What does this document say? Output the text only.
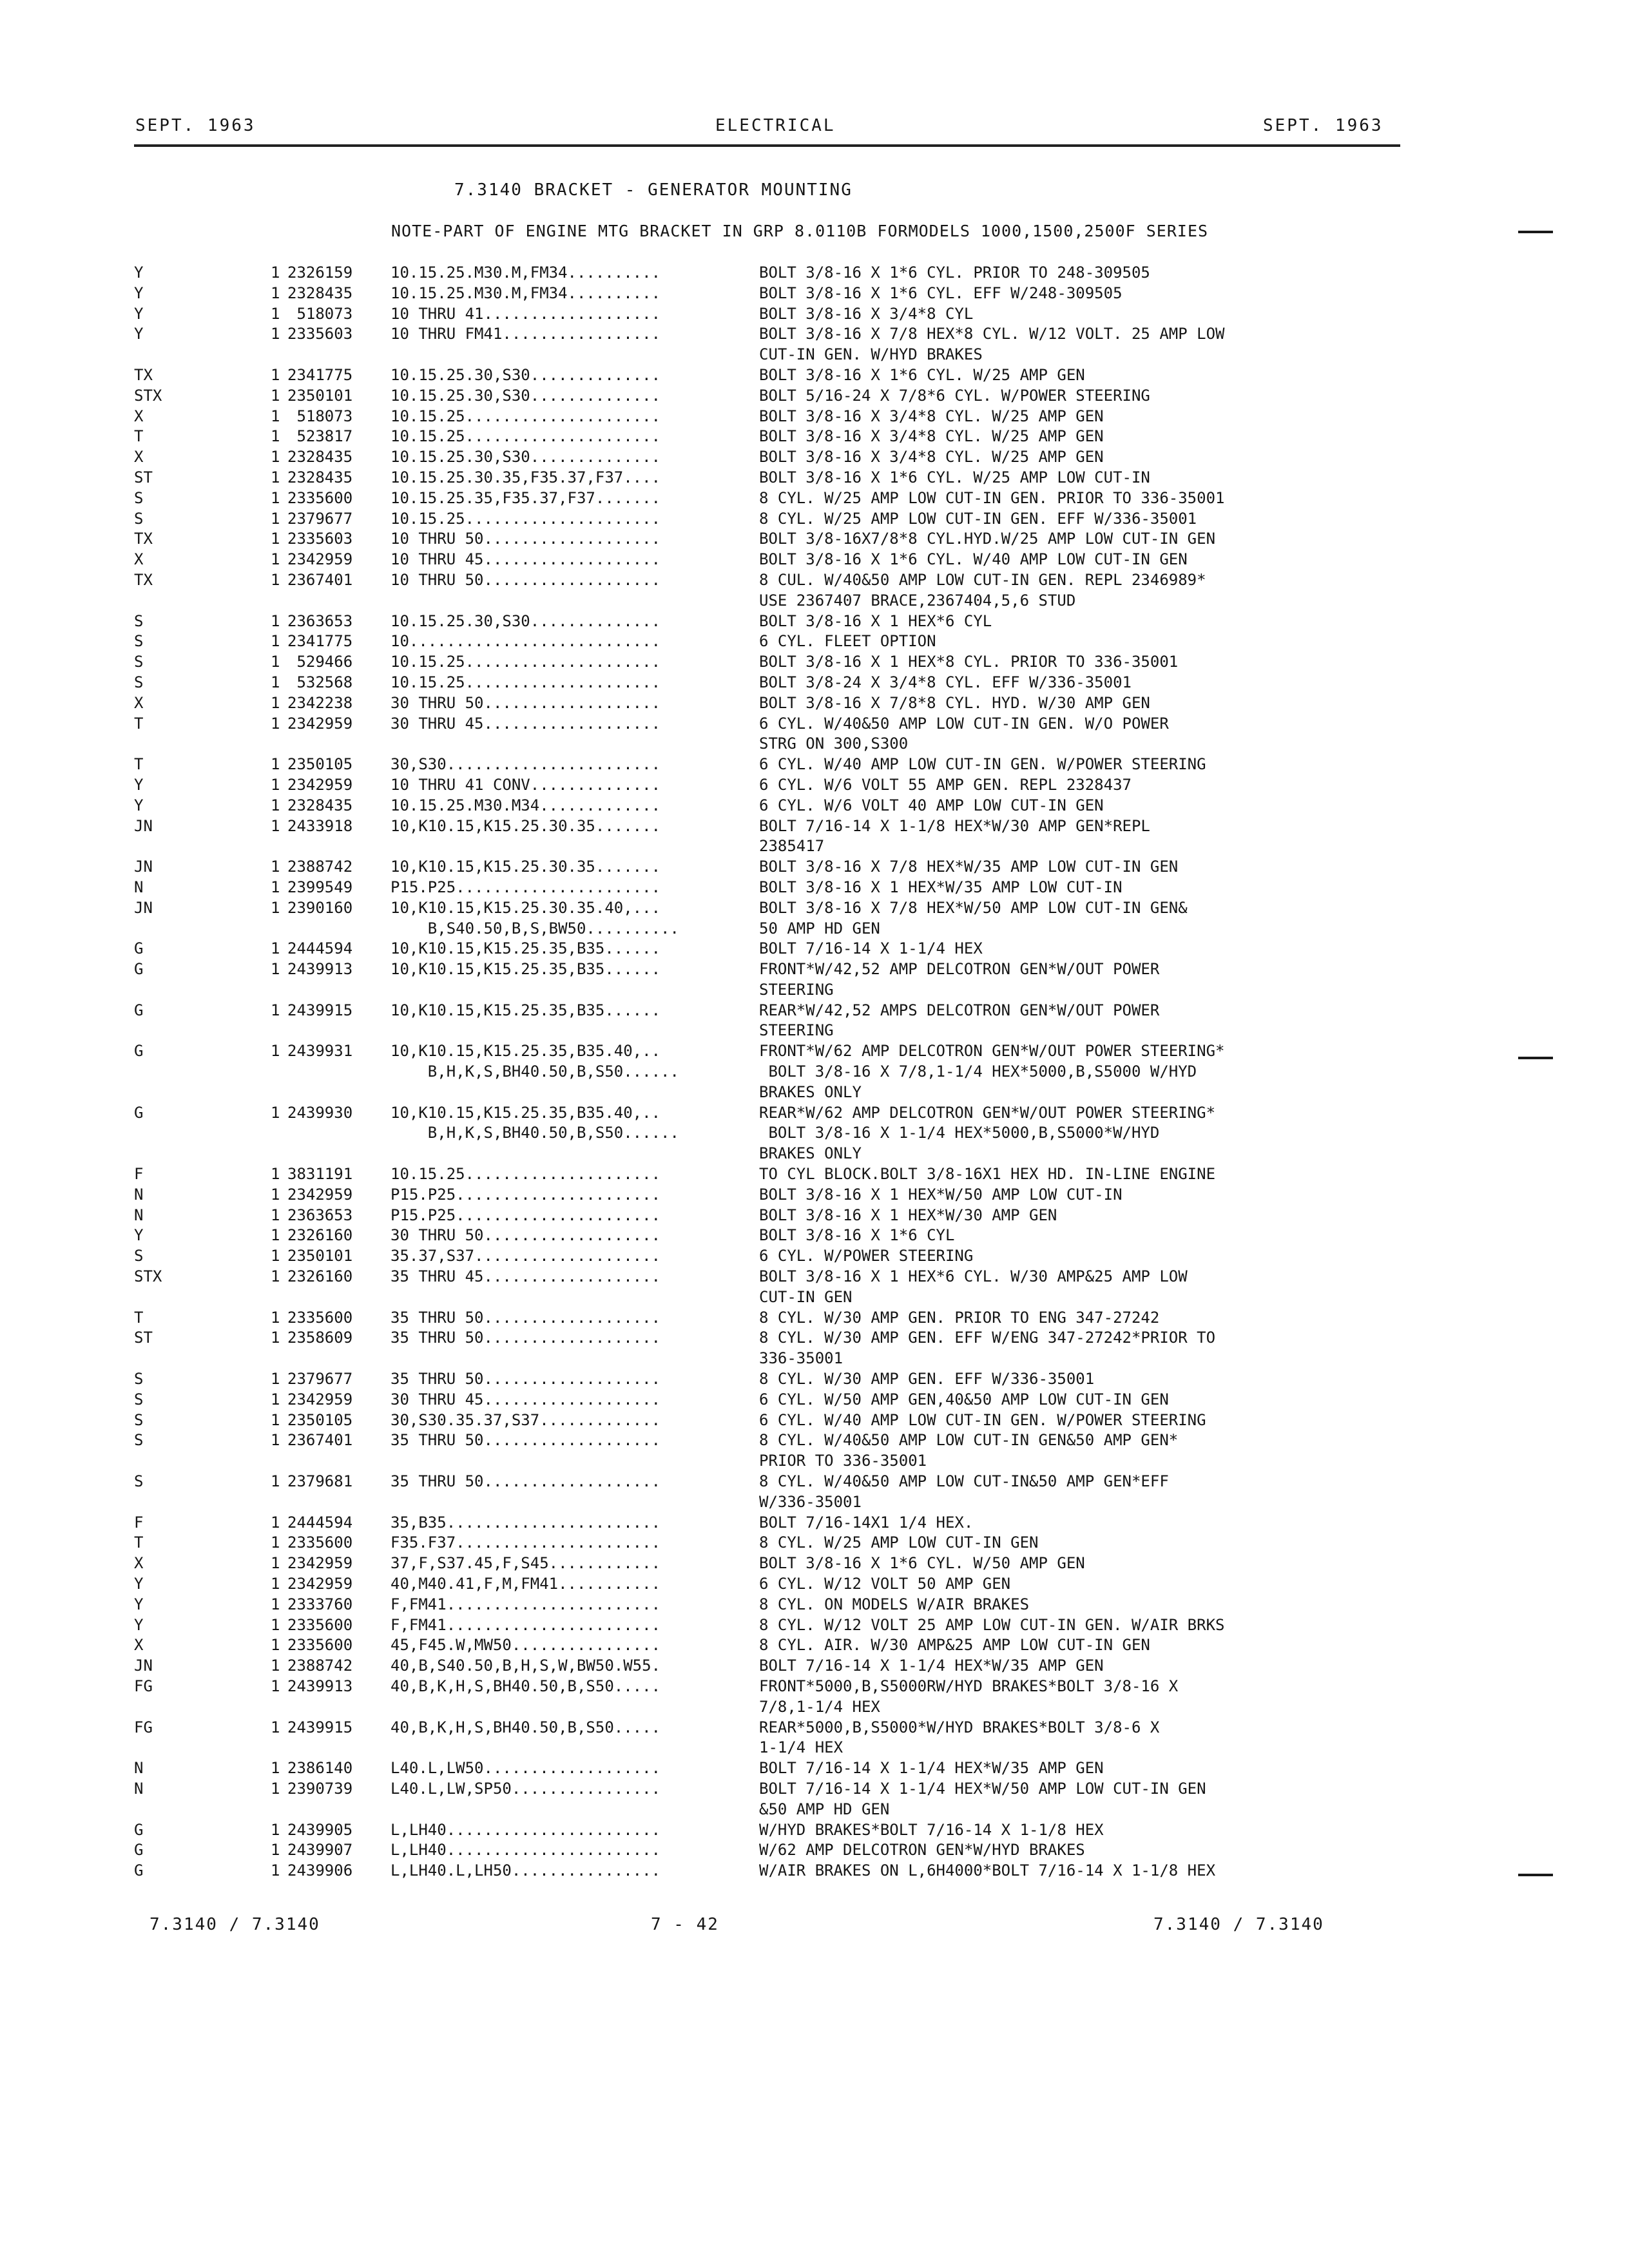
SEPT. 1963	ELECTRICAL	SEPT. 1963
7.3140 BRACKET - GENERATOR MOUNTING
NOTE-PART OF ENGINE MTG BRACKET IN GRP 8.0110B FORMODELS 1000,1500,2500F SERIES
Y	1 2326159 10.15.25.M30.M,FM34..........	BOLT 3/8-16 X 1*6 CYL. PRIOR TO 248-309505
Y	1 2328435 10.15.25.M30.M,FM34..........	BOLT 3/8-16 X 1*6 CYL. EFF W/248-309505
Y	1 518073 10 THRU 41...................	BOLT 3/8-16 X 3/4*8 CYL
Y	1 2335603 10 THRU FM41.................	BOLT 3/8-16 X 7/8 HEX*8 CYL. W/12 VOLT. 25 AMP LOW
CUT-IN GEN. W/HYD BRAKES
TX	1 2341775 10.15.25.30,S30..............	BOLT 3/8-16 X 1*6 CYL. W/25 AMP GEN
STX	1 2350101 10.15.25.30,S30..............	BOLT 5/16-24 X 7/8*6 CYL. W/POWER STEERING
X	1 518073 10.15.25.....................	BOLT 3/8-16 X 3/4*8 CYL. W/25 AMP GEN
T	1 523817 10.15.25.....................	BOLT 3/8-16 X 3/4*8 CYL. W/25 AMP GEN
X	1 2328435 10.15.25.30,S30..............	BOLT 3/8-16 X 3/4*8 CYL. W/25 AMP GEN
ST	1 2328435 10.15.25.30.35,F35.37,F37....	BOLT 3/8-16 X 1*6 CYL. W/25 AMP LOW CUT-IN
S	1 2335600 10.15.25.35,F35.37,F37.......	8 CYL. W/25 AMP LOW CUT-IN GEN. PRIOR TO 336-35001
S	1 2379677 10.15.25.....................	8 CYL. W/25 AMP LOW CUT-IN GEN. EFF W/336-35001
TX	1 2335603 10 THRU 50...................	BOLT 3/8-16X7/8*8 CYL.HYD.W/25 AMP LOW CUT-IN GEN
X	1 2342959 10 THRU 45...................	BOLT 3/8-16 X 1*6 CYL. W/40 AMP LOW CUT-IN GEN
TX	1 2367401 10 THRU 50...................	8 CUL. W/40&50 AMP LOW CUT-IN GEN. REPL 2346989*
USE 2367407 BRACE,2367404,5,6 STUD
S	1 2363653 10.15.25.30,S30..............	BOLT 3/8-16 X 1 HEX*6 CYL
S	1 2341775 10...........................	6 CYL. FLEET OPTION
S	1 529466 10.15.25.....................	BOLT 3/8-16 X 1 HEX*8 CYL. PRIOR TO 336-35001
S	1 532568 10.15.25.....................	BOLT 3/8-24 X 3/4*8 CYL. EFF W/336-35001
X	1 2342238 30 THRU 50...................	BOLT 3/8-16 X 7/8*8 CYL. HYD. W/30 AMP GEN
T	1 2342959 30 THRU 45...................	6 CYL. W/40&50 AMP LOW CUT-IN GEN. W/O POWER
STRG ON 300,S300
T	1 2350105 30,S30.......................	6 CYL. W/40 AMP LOW CUT-IN GEN. W/POWER STEERING
Y	1 2342959 10 THRU 41 CONV..............	6 CYL. W/6 VOLT 55 AMP GEN. REPL 2328437
Y	1 2328435 10.15.25.M30.M34.............	6 CYL. W/6 VOLT 40 AMP LOW CUT-IN GEN
JN	1 2433918 10,K10.15,K15.25.30.35.......	BOLT 7/16-14 X 1-1/8 HEX*W/30 AMP GEN*REPL
2385417
JN	1 2388742 10,K10.15,K15.25.30.35.......	BOLT 3/8-16 X 7/8 HEX*W/35 AMP LOW CUT-IN GEN
N	1 2399549 P15.P25......................	BOLT 3/8-16 X 1 HEX*W/35 AMP LOW CUT-IN
JN	1 2390160 10,K10.15,K15.25.30.35.40,...	BOLT 3/8-16 X 7/8 HEX*W/50 AMP LOW CUT-IN GEN&
B,S40.50,B,S,BW50..........	50 AMP HD GEN
G	1 2444594 10,K10.15,K15.25.35,B35......	BOLT 7/16-14 X 1-1/4 HEX
G	1 2439913 10,K10.15,K15.25.35,B35......	FRONT*W/42,52 AMP DELCOTRON GEN*W/OUT POWER
STEERING
G	1 2439915 10,K10.15,K15.25.35,B35......	REAR*W/42,52 AMPS DELCOTRON GEN*W/OUT POWER
STEERING
G	1 2439931 10,K10.15,K15.25.35,B35.40,..	FRONT*W/62 AMP DELCOTRON GEN*W/OUT POWER STEERING*
B,H,K,S,BH40.50,B,S50......	BOLT 3/8-16 X 7/8,1-1/4 HEX*5000,B,S5000 W/HYD
BRAKES ONLY
G	1 2439930 10,K10.15,K15.25.35,B35.40,..	REAR*W/62 AMP DELCOTRON GEN*W/OUT POWER STEERING*
B,H,K,S,BH40.50,B,S50......	BOLT 3/8-16 X 1-1/4 HEX*5000,B,S5000*W/HYD
BRAKES ONLY
F	1 3831191 10.15.25.....................	TO CYL BLOCK.BOLT 3/8-16X1 HEX HD. IN-LINE ENGINE
N	1 2342959 P15.P25......................	BOLT 3/8-16 X 1 HEX*W/50 AMP LOW CUT-IN
N	1 2363653 P15.P25......................	BOLT 3/8-16 X 1 HEX*W/30 AMP GEN
Y	1 2326160 30 THRU 50...................	BOLT 3/8-16 X 1*6 CYL
S	1 2350101 35.37,S37....................	6 CYL. W/POWER STEERING
STX	1 2326160 35 THRU 45...................	BOLT 3/8-16 X 1 HEX*6 CYL. W/30 AMP&25 AMP LOW
CUT-IN GEN
T	1 2335600 35 THRU 50...................	8 CYL. W/30 AMP GEN. PRIOR TO ENG 347-27242
ST	1 2358609 35 THRU 50...................	8 CYL. W/30 AMP GEN. EFF W/ENG 347-27242*PRIOR TO
336-35001
S	1 2379677 35 THRU 50...................	8 CYL. W/30 AMP GEN. EFF W/336-35001
S	1 2342959 30 THRU 45...................	6 CYL. W/50 AMP GEN,40&50 AMP LOW CUT-IN GEN
S	1 2350105 30,S30.35.37,S37.............	6 CYL. W/40 AMP LOW CUT-IN GEN. W/POWER STEERING
S	1 2367401 35 THRU 50...................	8 CYL. W/40&50 AMP LOW CUT-IN GEN&50 AMP GEN*
PRIOR TO 336-35001
S	1 2379681 35 THRU 50...................	8 CYL. W/40&50 AMP LOW CUT-IN&50 AMP GEN*EFF
W/336-35001
F	1 2444594 35,B35.......................	BOLT 7/16-14X1 1/4 HEX.
T	1 2335600 F35.F37......................	8 CYL. W/25 AMP LOW CUT-IN GEN
X	1 2342959 37,F,S37.45,F,S45............	BOLT 3/8-16 X 1*6 CYL. W/50 AMP GEN
Y	1 2342959 40,M40.41,F,M,FM41...........	6 CYL. W/12 VOLT 50 AMP GEN
Y	1 2333760 F,FM41.......................	8 CYL. ON MODELS W/AIR BRAKES
Y	1 2335600 F,FM41.......................	8 CYL. W/12 VOLT 25 AMP LOW CUT-IN GEN. W/AIR BRKS
X	1 2335600 45,F45.W,MW50................	8 CYL. AIR. W/30 AMP&25 AMP LOW CUT-IN GEN
JN	1 2388742 40,B,S40.50,B,H,S,W,BW50.W55.	BOLT 7/16-14 X 1-1/4 HEX*W/35 AMP GEN
FG	1 2439913 40,B,K,H,S,BH40.50,B,S50.....	FRONT*5000,B,S5000RW/HYD BRAKES*BOLT 3/8-16 X
7/8,1-1/4 HEX
FG	1 2439915 40,B,K,H,S,BH40.50,B,S50.....	REAR*5000,B,S5000*W/HYD BRAKES*BOLT 3/8-6 X
1-1/4 HEX
N	1 2386140 L40.L,LW50...................	BOLT 7/16-14 X 1-1/4 HEX*W/35 AMP GEN
N	1 2390739 L40.L,LW,SP50................	BOLT 7/16-14 X 1-1/4 HEX*W/50 AMP LOW CUT-IN GEN
&50 AMP HD GEN
G	1 2439905 L,LH40.......................	W/HYD BRAKES*BOLT 7/16-14 X 1-1/8 HEX
G	1 2439907 L,LH40.......................	W/62 AMP DELCOTRON GEN*W/HYD BRAKES
G	1 2439906 L,LH40.L,LH50................	W/AIR BRAKES ON L,6H4000*BOLT 7/16-14 X 1-1/8 HEX
7.3140 / 7.3140	7 - 42	7.3140 / 7.3140
